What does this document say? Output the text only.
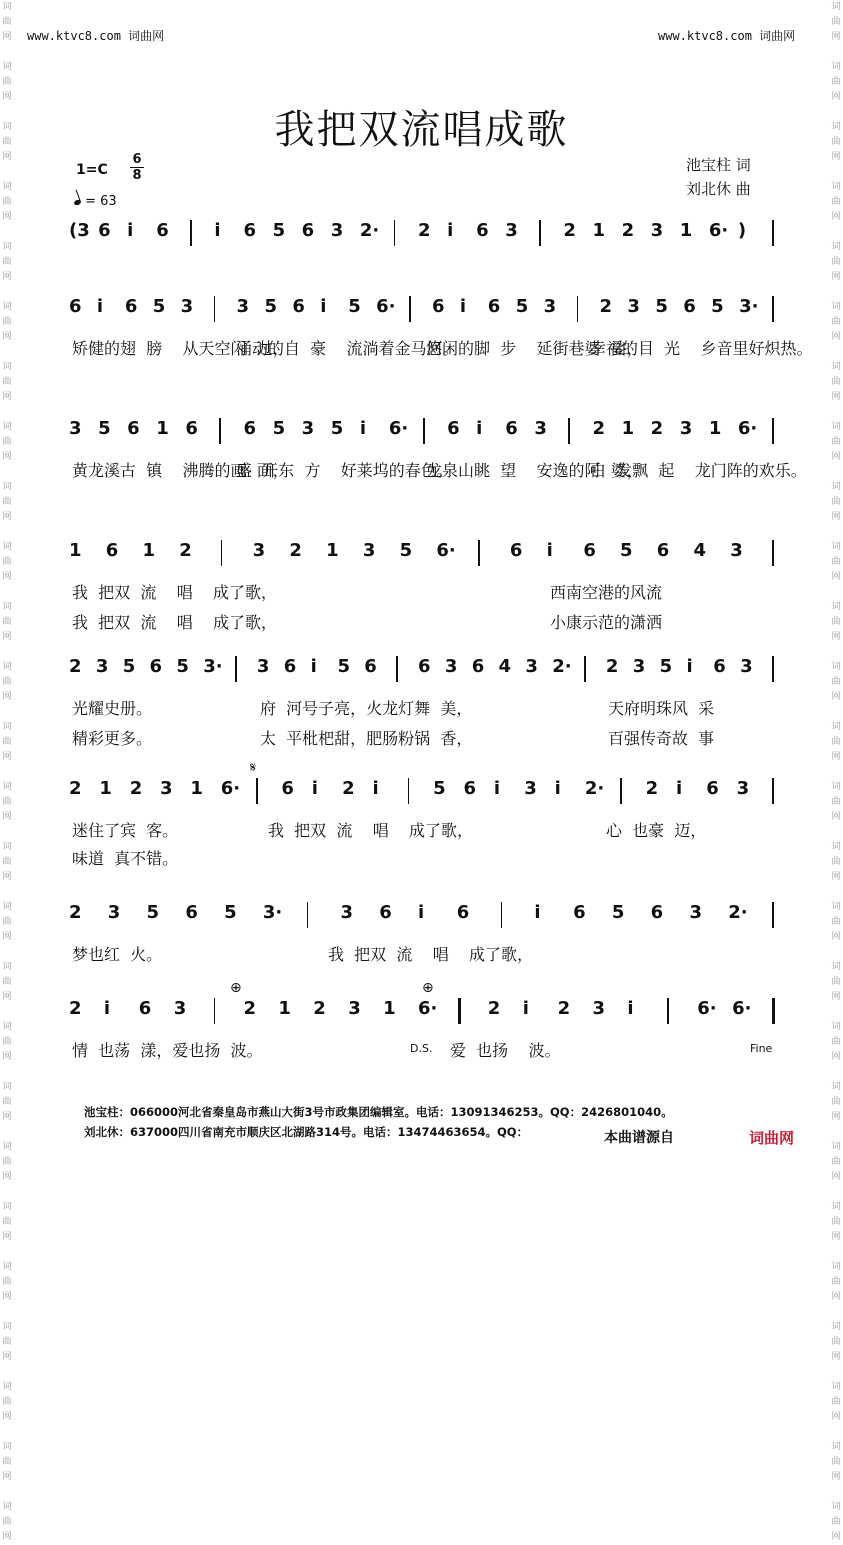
词
曲
网

词
曲
网

词
曲
网

词
曲
网

词
曲
网

词
曲
网

词
曲
网

词
曲
网

词
曲
网

词
曲
网

词
曲
网

词
曲
网

词
曲
网

词
曲
网

词
曲
网

词
曲
网

词
曲
网

词
曲
网

词
曲
网

词
曲
网

词
曲
网

词
曲
网

词
曲
网

词
曲
网

词
曲
网

词
曲
网

词
曲
网

词
曲
网

词
曲
网

词
曲
网

词
曲
网

词
曲
网

词
曲
网

词
曲
网

词
曲
网

词
曲
网

词
曲
网

词
曲
网

词
曲
网

词
曲
网

词
曲
网

词
曲
网

词
曲
网

词
曲
网

词
曲
网

词
曲
网

词
曲
网

词
曲
网

词
曲
网

词
曲
网

词
曲
网

词
曲
网

www.ktvc8.com 词曲网	www.ktvc8.com 词曲网
我把双流唱成歌
1=C
6
8
= 63
池宝柱 词
刘北休 曲
(3 6 i 6	i 6 5 6 3 2· 2 i 6 3	2 1 2 3 1 6· )
6 i 6 5 3 3 5 6 i 5 6· 6 i 6 5 3 2 3 5 6 5 3·
矫健的翅  膀    从天空闪  过，
涌动的自  豪    流淌着金马河。
悠闲的脚  步    延街巷婆  娑，
幸福的目  光    乡音里好炽热。
3 5 6 1 6	6 5 3 5 i 6· 6 i 6 3	2 1 2 3 1 6·
黄龙溪古  镇    沸腾的画  面，
盛  开东  方    好莱坞的春色。
龙泉山眺  望    安逸的阿  婆，
白  发飘  起    龙门阵的欢乐。
1 6 1 2	3 2 1 3 5 6·	6 i 6 5 6 4 3
我  把双  流    唱    成了歌，	西南空港的风流
我  把双  流    唱    成了歌，	小康示范的潇洒
2 3 5 6 5 3· 3 6 i 5 6 6 3 6 4 3 2· 2 3 5 i 6 3
光耀史册。	府  河号子亮，火龙灯舞  美，	天府明珠风  采
精彩更多。	太  平枇杷甜，肥肠粉锅  香，	百强传奇故  事
2 1 2 3 1 6· 6 i 2 i	5 6 i 3 i 2· 2 i 6 3
迷住了宾  客。	我  把双  流    唱    成了歌，	心  也豪  迈，
味道  真不错。
2 3 5 6 5 3·	3 6 i 6	i 6 5 6 3 2·
梦也红  火。	我  把双  流    唱    成了歌，
2 i 6 3	2 1 2 3 1 6·	2 i 2 3 i	6· 6·
情  也荡  漾，爱也扬  波。	爱  也扬    波。
D.S.	Fine
𝄋
⊕	⊕
池宝柱：066000河北省秦皇岛市燕山大街3号市政集团编辑室。电话：13091346253。QQ：2426801040。
刘北休：637000四川省南充市顺庆区北湖路314号。电话：13474463654。QQ：	本曲谱源自	词曲网
